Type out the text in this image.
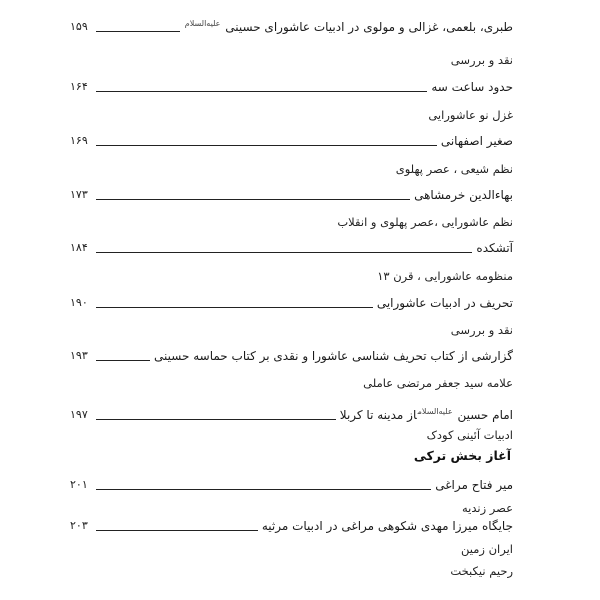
طبری، بلعمی، غزالی و مولوی در ادبیات عاشورای حسینی $^{علیه‌السلام}$
۱۵۹
نقد و بررسی
حدود ساعت سه
۱۶۴
غزل نو عاشورایی
صغیر اصفهانی
۱۶۹
نظم شیعی ، عصر پهلوی
بهاءالدین خرمشاهی
۱۷۳
نظم عاشورایی ،عصر پهلوی و انقلاب
آتشکده
۱۸۴
منظومه عاشورایی ، قرن ۱۳
تحریف در ادبیات عاشورایی
۱۹۰
نقد و بررسی
گزارشی از کتاب تحریف شناسی عاشورا و نقدی بر کتاب حماسه حسینی
۱۹۳
علامه سید جعفر مرتضی عاملی
امام حسین $^{علیه‌السلام}$از مدینه تا کربلا
۱۹۷
ادبیات آئینی کودک
آغاز بخش ترکی
میر فتاح مراغی
۲۰۱
عصر زندیه
جایگاه میرزا مهدی شکوهی مراغی در ادبیات مرثیه
۲۰۳
ایران زمین
رحیم نیکبخت
